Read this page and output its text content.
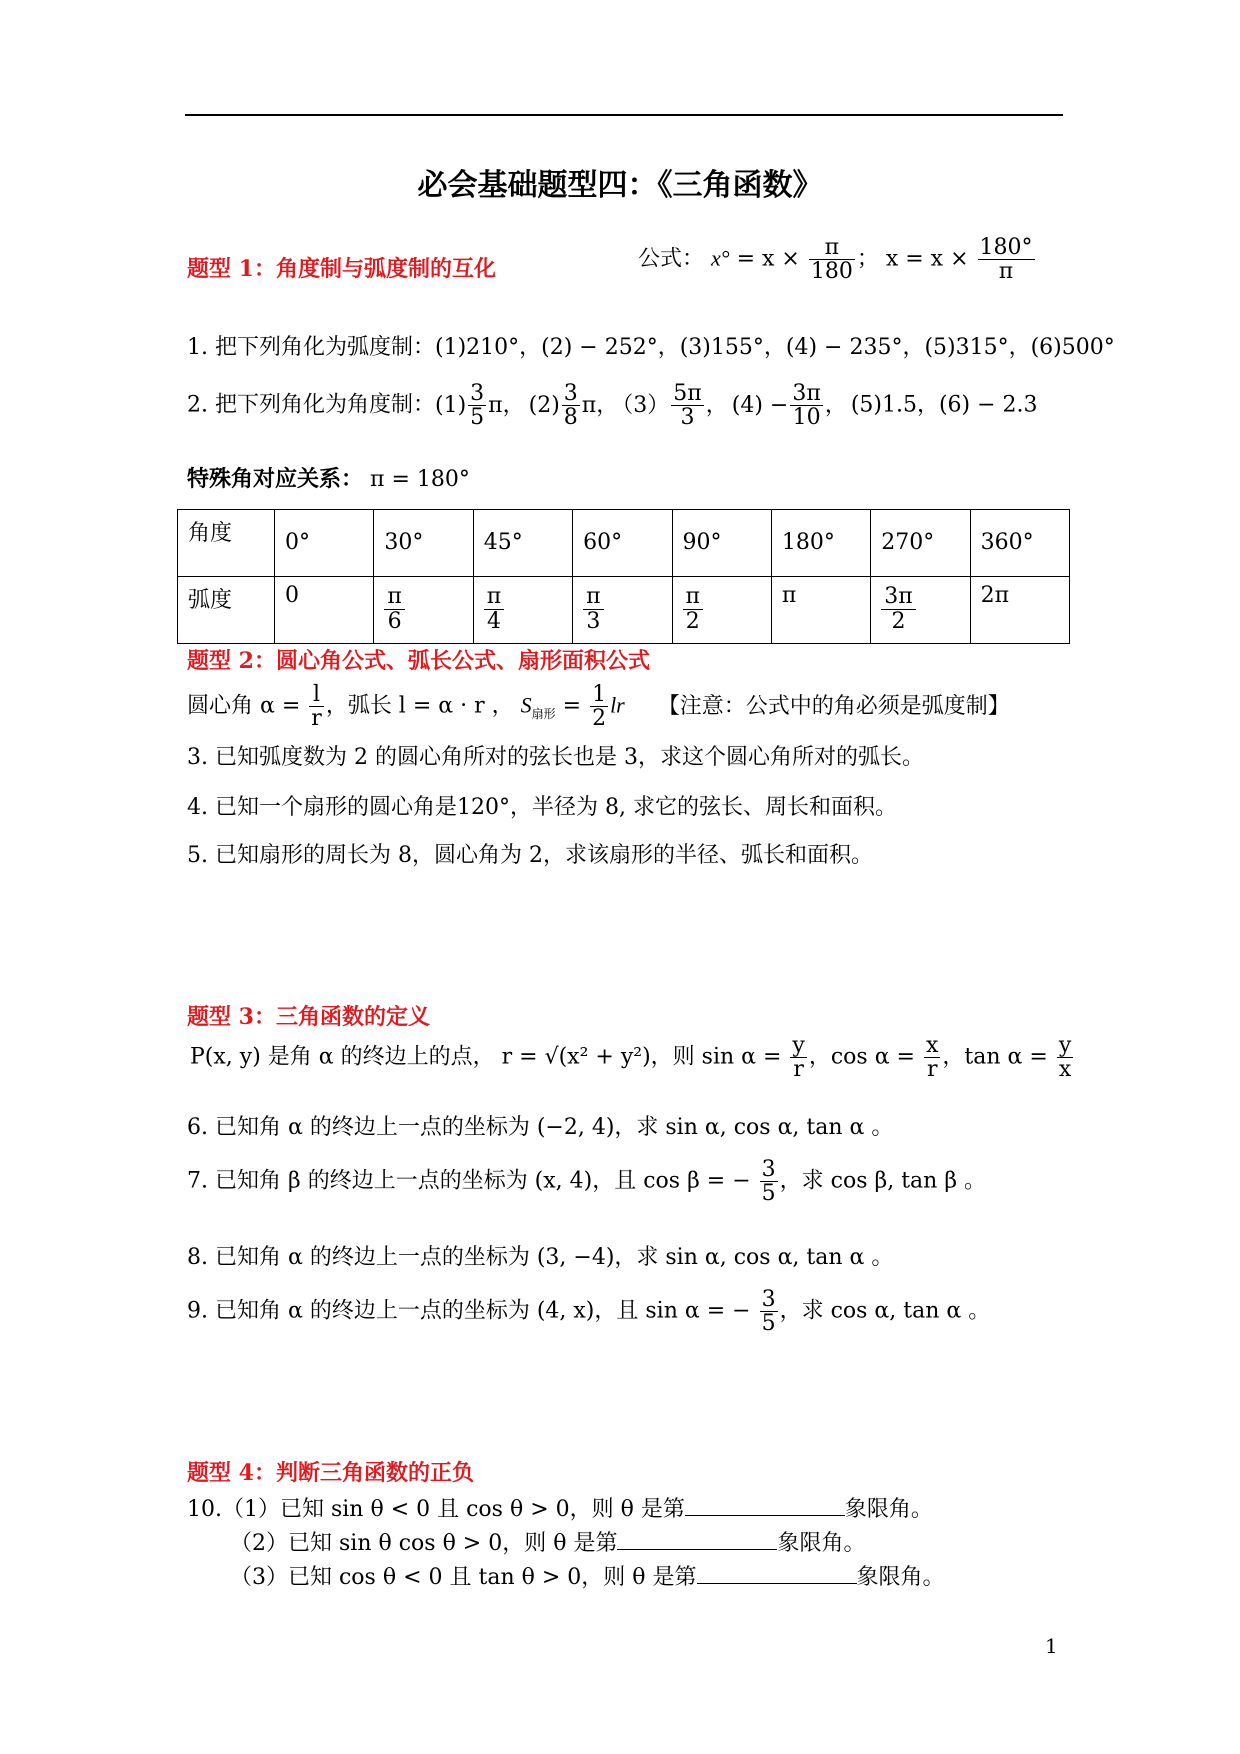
必会基础题型四：《三角函数》
题型 1：角度制与弧度制的互化	公式： $x^\circ = x \times \frac{\pi}{180}$ ； $x = x \times \frac{180^\circ}{\pi}$
1. 把下列角化为弧度制：(1)210°，(2) − 252°，(3)155°，(4) − 235°，(5)315°，(6)500°
2. 把下列角化为角度制：$(1) \frac{3}{5}$ π， $(2) \frac{3}{8}$ π， $(3) \frac{5\pi}{3}$ ， $(4) - \frac{3\pi}{10}$ ， (5)1.5，(6) − 2.3
特殊角对应关系： π = 180°
角度	0°	30°	45°	60°	90°	180°	270°	360°

弧度	0	$\frac{\pi}{6}$	$\frac{\pi}{4}$	$\frac{\pi}{3}$	$\frac{\pi}{2}$	π	$\frac{3\pi}{2}$	2π
题型 2：圆心角公式、弧长公式、扇形面积公式
圆心角 $\alpha = \frac{l}{r}$ ，弧长 l = α · r ， $S_{扇形} = \frac{1}{2}$ lr 【注意：公式中的角必须是弧度制】
3. 已知弧度数为 2 的圆心角所对的弦长也是 3，求这个圆心角所对的弧长。
4. 已知一个扇形的圆心角是120°，半径为 8, 求它的弦长、周长和面积。
5. 已知扇形的周长为 8，圆心角为 2，求该扇形的半径、弧长和面积。
题型 3：三角函数的定义
P(x, y) 是角 α 的终边上的点， r = √(x² + y²)，则 $\sin \alpha = \frac{y}{r}$ ，$\cos \alpha = \frac{x}{r}$ ，$\tan \alpha = \frac{y}{x}$
6. 已知角 α 的终边上一点的坐标为 (−2, 4)，求 sin α, cos α, tan α 。
7. 已知角 β 的终边上一点的坐标为 (x, 4)，且 cos β = − $\frac{3}{5}$ ，求 cos β, tan β 。
8. 已知角 α 的终边上一点的坐标为 (3, −4)，求 sin α, cos α, tan α 。
9. 已知角 α 的终边上一点的坐标为 (4, x)，且 sin α = − $\frac{3}{5}$ ，求 cos α, tan α 。
题型 4：判断三角函数的正负
10.（1）已知 sin θ < 0 且 cos θ > 0，则 θ 是第	象限角。
（2）已知 sin θ cos θ > 0，则 θ 是第	象限角。
（3）已知 cos θ < 0 且 tan θ > 0，则 θ 是第	象限角。
1
